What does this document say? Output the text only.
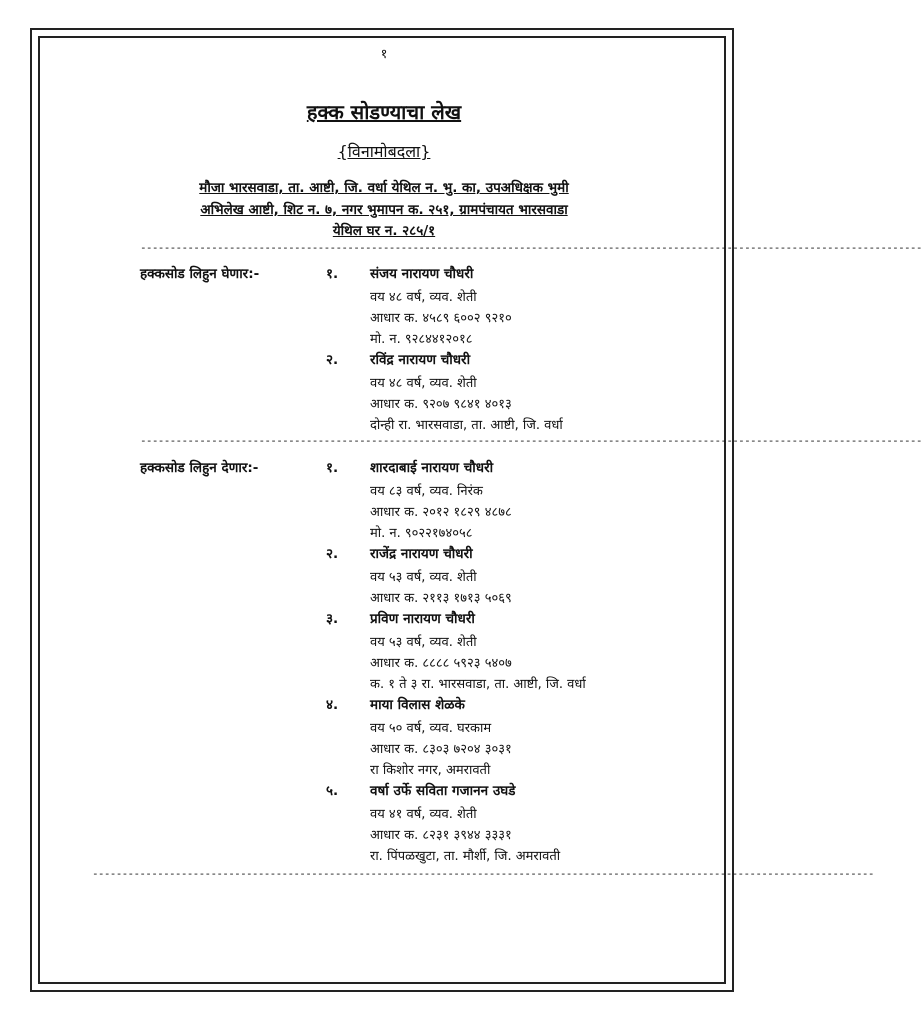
१
हक्क सोडण्याचा लेख
{विनामोबदला}
मौजा भारसवाडा, ता. आष्टी, जि. वर्धा येथिल न. भु. का, उपअधिक्षक भुमी
अभिलेख आष्टी, शिट न. ७, नगर भुमापन क. २५१, ग्रामपंचायत भारसवाडा
येथिल घर न. २८५/१
------------------------------------------------------------------------------------------------------------------------------------
हक्कसोड लिहुन घेणार:-	१. संजय नारायण चौधरी
वय ४८ वर्ष, व्यव. शेती
आधार क. ४५८९ ६००२ ९२१०
मो. न. ९२८४४१२०१८
२. रविंद्र नारायण चौधरी
वय ४८ वर्ष, व्यव. शेती
आधार क. ९२०७ ९८४१ ४०१३
दोन्ही रा. भारसवाडा, ता. आष्टी, जि. वर्धा
------------------------------------------------------------------------------------------------------------------------------------
हक्कसोड लिहुन देणार:-	१. शारदाबाई नारायण चौधरी
वय ८३ वर्ष, व्यव. निरंक
आधार क. २०१२ १८२९ ४८७८
मो. न. ९०२२१७४०५८
२. राजेंद्र नारायण चौधरी
वय ५३ वर्ष, व्यव. शेती
आधार क. २११३ १७१३ ५०६९
३. प्रविण नारायण चौधरी
वय ५३ वर्ष, व्यव. शेती
आधार क. ८८८८ ५९२३ ५४०७
क. १ ते ३ रा. भारसवाडा, ता. आष्टी, जि. वर्धा
४. माया विलास शेळके
वय ५० वर्ष, व्यव. घरकाम
आधार क. ८३०३ ७२०४ ३०३१
रा किशोर नगर, अमरावती
५. वर्षा उर्फे सविता गजानन उघडे
वय ४१ वर्ष, व्यव. शेती
आधार क. ८२३१ ३९४४ ३३३१
रा. पिंपळखुटा, ता. मौर्शी, जि. अमरावती
------------------------------------------------------------------------------------------------------------------------------------
